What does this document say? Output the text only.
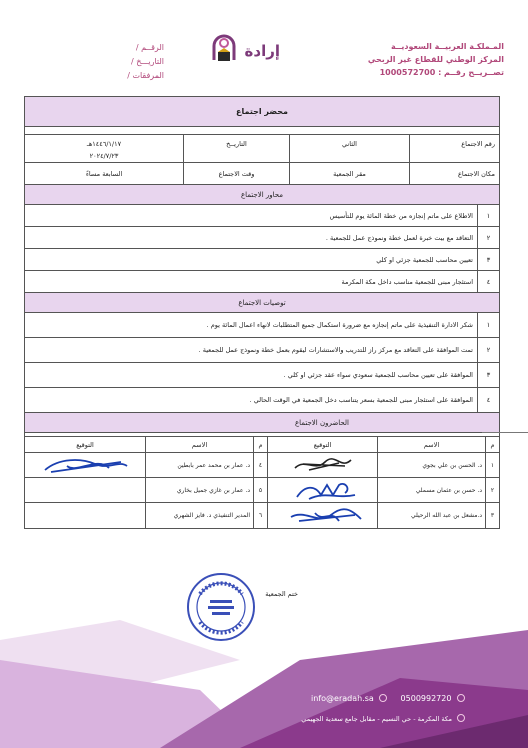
المـملكـة العربيــة السعوديــة
المركز الوطني للقطاع غير الربحي
تصــريــح رقــم : 1000572700
إرادة
الرقــم /
التاريـــخ /
المرفقات /
محضر اجتماع
رقم الاجتماع
الثاني
التاريــخ
١٤٤٦/١/١٧هـ
٢٠٢٤/٧/٢٣
مكان الاجتماع
مقر الجمعية
وقت الاجتماع
السابعة مساءً
محاور الاجتماع
١
الاطلاع على ماتم إنجازه من خطة المائة يوم للتأسيس
٢
التعاقد مع بيت خبرة لعمل خطة ونموذج عمل للجمعية .
٣
تعيين محاسب للجمعية جزئي او كلي
٤
استئجار مبنى للجمعية مناسب داخل مكة المكرمة
توصيات الاجتماع
١
شكر الادارة التنفيذية على ماتم إنجازه مع ضرورة استكمال جميع المتطلبات لانهاء اعمال المائة يوم .
٢
تمت الموافقة على التعاقد مع مركز راز للتدريب والاستشارات ليقوم بعمل خطة ونموذج عمل للجمعية .
٣
الموافقة على تعيين محاسب للجمعية سعودي سواء عقد جزئي او كلي .
٤
الموافقة على استئجار مبنى للجمعية بسعر يتناسب دخل الجمعية في الوقت الحالي .
الحاضرون الاجتماع
م
الاسم
التوقيع
م
الاسم
التوقيع
١
د. الحسن بن علي بجوي
٤
د. عمار بن محمد عمر بابطين
٢
د. حسن بن عثمان مسملي
٥
د. عمار بن غازي جميل بخاري
٣
د.مشعل بن عبد الله الرحيلي
٦
المدير التنفيذي د. فايز الشهري
ختم الجمعية
info@eradah.sa	0500992720
مكة المكرمة - حي النسيم - مقابل جامع سعدية الجهيمي
